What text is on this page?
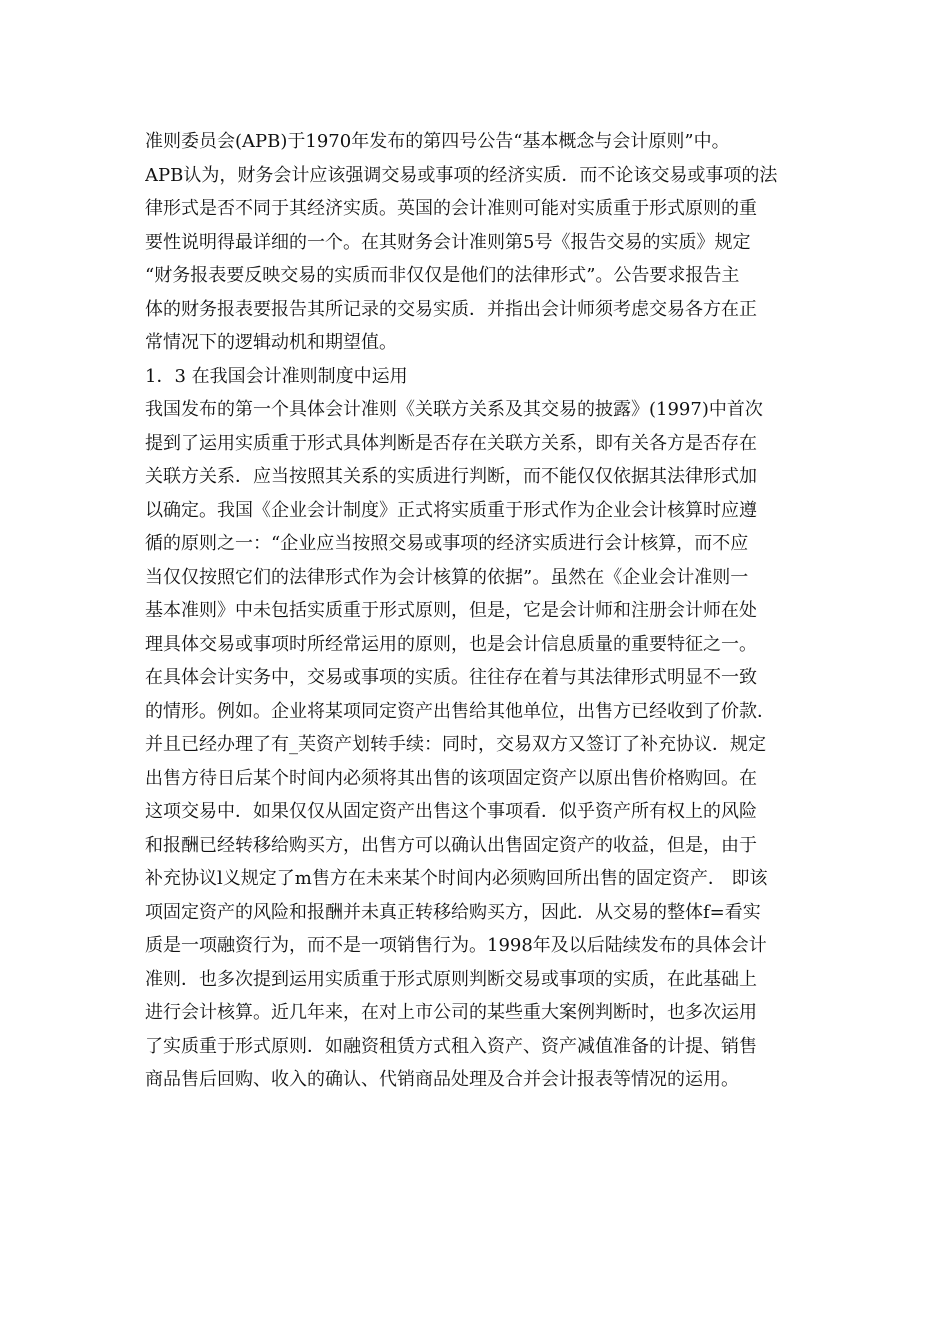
准则委员会(APB)于1970年发布的第四号公告“基本概念与会计原则”中。
APB认为，财务会计应该强调交易或事项的经济实质．而不论该交易或事项的法
律形式是否不同于其经济实质。英国的会计准则可能对实质重于形式原则的重
要性说明得最详细的一个。在其财务会计准则第5号《报告交易的实质》规定
“财务报表要反映交易的实质而非仅仅是他们的法律形式”。公告要求报告主
体的财务报表要报告其所记录的交易实质．并指出会计师须考虑交易各方在正
常情况下的逻辑动机和期望值。
1．3 在我国会计准则制度中运用
我国发布的第一个具体会计准则《关联方关系及其交易的披露》(1997)中首次
提到了运用实质重于形式具体判断是否存在关联方关系，即有关各方是否存在
关联方关系．应当按照其关系的实质进行判断，而不能仅仅依据其法律形式加
以确定。我国《企业会计制度》正式将实质重于形式作为企业会计核算时应遵
循的原则之一：“企业应当按照交易或事项的经济实质进行会计核算，而不应
当仅仅按照它们的法律形式作为会计核算的依据”。虽然在《企业会计准则一
基本准则》中未包括实质重于形式原则，但是，它是会计师和注册会计师在处
理具体交易或事项时所经常运用的原则，也是会计信息质量的重要特征之一。
在具体会计实务中，交易或事项的实质。往往存在着与其法律形式明显不一致
的情形。例如。企业将某项同定资产出售给其他单位，出售方已经收到了价款．
并且已经办理了有_芙资产划转手续：同时，交易双方又签订了补充协议．规定
出售方待日后某个时间内必须将其出售的该项固定资产以原出售价格购回。在
这项交易中．如果仅仅从固定资产出售这个事项看．似乎资产所有权上的风险
和报酬已经转移给购买方，出售方可以确认出售固定资产的收益，但是，由于
补充协议l义规定了m售方在未来某个时间内必须购回所出售的固定资产． 即该
项固定资产的风险和报酬并未真正转移给购买方，因此．从交易的整体f=看实
质是一项融资行为，而不是一项销售行为。1998年及以后陆续发布的具体会计
准则．也多次提到运用实质重于形式原则判断交易或事项的实质，在此基础上
进行会计核算。近几年来，在对上市公司的某些重大案例判断时，也多次运用
了实质重于形式原则．如融资租赁方式租入资产、资产减值准备的计提、销售
商品售后回购、收入的确认、代销商品处理及合并会计报表等情况的运用。
